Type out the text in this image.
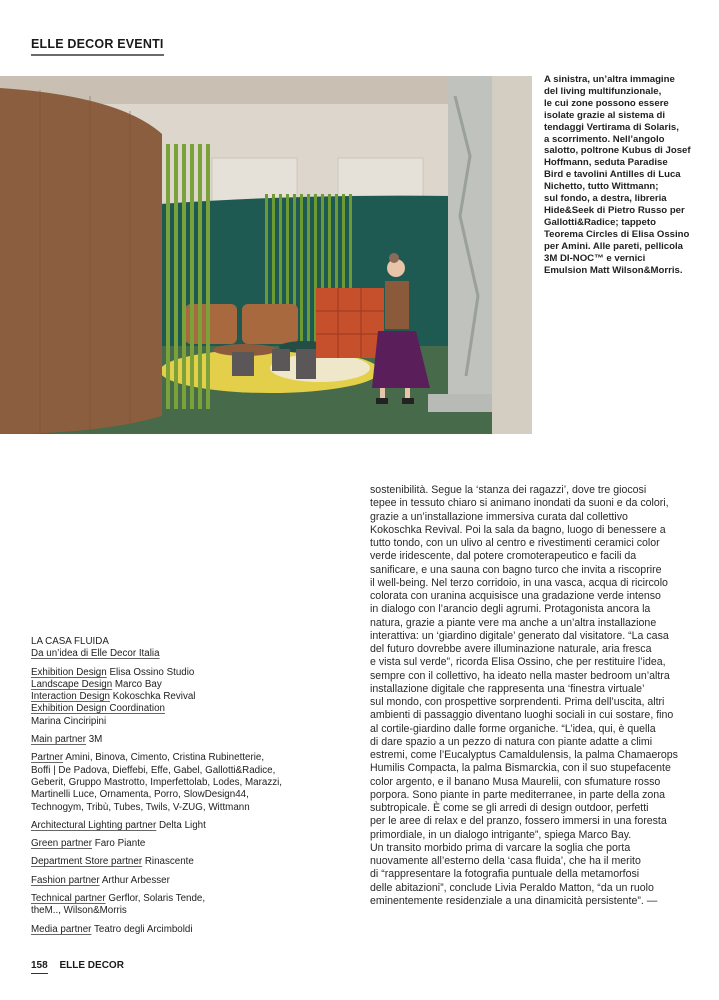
ELLE DECOR EVENTI
A sinistra, un’altra immagine
del living multifunzionale,
le cui zone possono essere
isolate grazie al sistema di
tendaggi Vertirama di Solaris,
a scorrimento. Nell’angolo
salotto, poltrone Kubus di Josef
Hoffmann, seduta Paradise
Bird e tavolini Antilles di Luca
Nichetto, tutto Wittmann;
sul fondo, a destra, libreria
Hide&Seek di Pietro Russo per
Gallotti&Radice; tappeto
Teorema Circles di Elisa Ossino
per Amini. Alle pareti, pellicola
3M DI-NOC™ e vernici
Emulsion Matt Wilson&Morris.
LA CASA FLUIDA
Da un’idea di Elle Decor Italia
Exhibition Design Elisa Ossino Studio
Landscape Design Marco Bay
Interaction Design Kokoschka Revival
Exhibition Design Coordination
Marina Cinciripini
Main partner 3M
Partner Amini, Binova, Cimento, Cristina Rubinetterie,
Boffi | De Padova, Dieffebi, Effe, Gabel, Gallotti&Radice,
Geberit, Gruppo Mastrotto, Imperfettolab, Lodes, Marazzi,
Martinelli Luce, Ornamenta, Porro, SlowDesign44,
Technogym, Tribù, Tubes, Twils, V-ZUG, Wittmann
Architectural Lighting partner Delta Light
Green partner Faro Piante
Department Store partner Rinascente
Fashion partner Arthur Arbesser
Technical partner Gerflor, Solaris Tende,
theM.., Wilson&Morris
Media partner Teatro degli Arcimboldi
sostenibilità. Segue la ‘stanza dei ragazzi’, dove tre giocosi
tepee in tessuto chiaro si animano inondati da suoni e da colori,
grazie a un’installazione immersiva curata dal collettivo
Kokoschka Revival. Poi la sala da bagno, luogo di benessere a
tutto tondo, con un ulivo al centro e rivestimenti ceramici color
verde iridescente, dal potere cromoterapeutico e facili da
sanificare, e una sauna con bagno turco che invita a riscoprire
il well-being. Nel terzo corridoio, in una vasca, acqua di ricircolo
colorata con uranina acquisisce una gradazione verde intenso
in dialogo con l’arancio degli agrumi. Protagonista ancora la
natura, grazie a piante vere ma anche a un’altra installazione
interattiva: un ‘giardino digitale’ generato dal visitatore. “La casa
del futuro dovrebbe avere illuminazione naturale, aria fresca
e vista sul verde”, ricorda Elisa Ossino, che per restituire l’idea,
sempre con il collettivo, ha ideato nella master bedroom un’altra
installazione digitale che rappresenta una ‘finestra virtuale’
sul mondo, con prospettive sorprendenti. Prima dell’uscita, altri
ambienti di passaggio diventano luoghi sociali in cui sostare, fino
al cortile-giardino dalle forme organiche. “L’idea, qui, è quella
di dare spazio a un pezzo di natura con piante adatte a climi
estremi, come l’Eucalyptus Camaldulensis, la palma Chamaerops
Humilis Compacta, la palma Bismarckia, con il suo stupefacente
color argento, e il banano Musa Maurelii, con sfumature rosso
porpora. Sono piante in parte mediterranee, in parte della zona
subtropicale. È come se gli arredi di design outdoor, perfetti
per le aree di relax e del pranzo, fossero immersi in una foresta
primordiale, in un dialogo intrigante”, spiega Marco Bay.
Un transito morbido prima di varcare la soglia che porta
nuovamente all’esterno della ‘casa fluida’, che ha il merito
di “rappresentare la fotografia puntuale della metamorfosi
delle abitazioni”, conclude Livia Peraldo Matton, “da un ruolo
eminentemente residenziale a una dinamicità persistente”. —
158 ELLE DECOR
